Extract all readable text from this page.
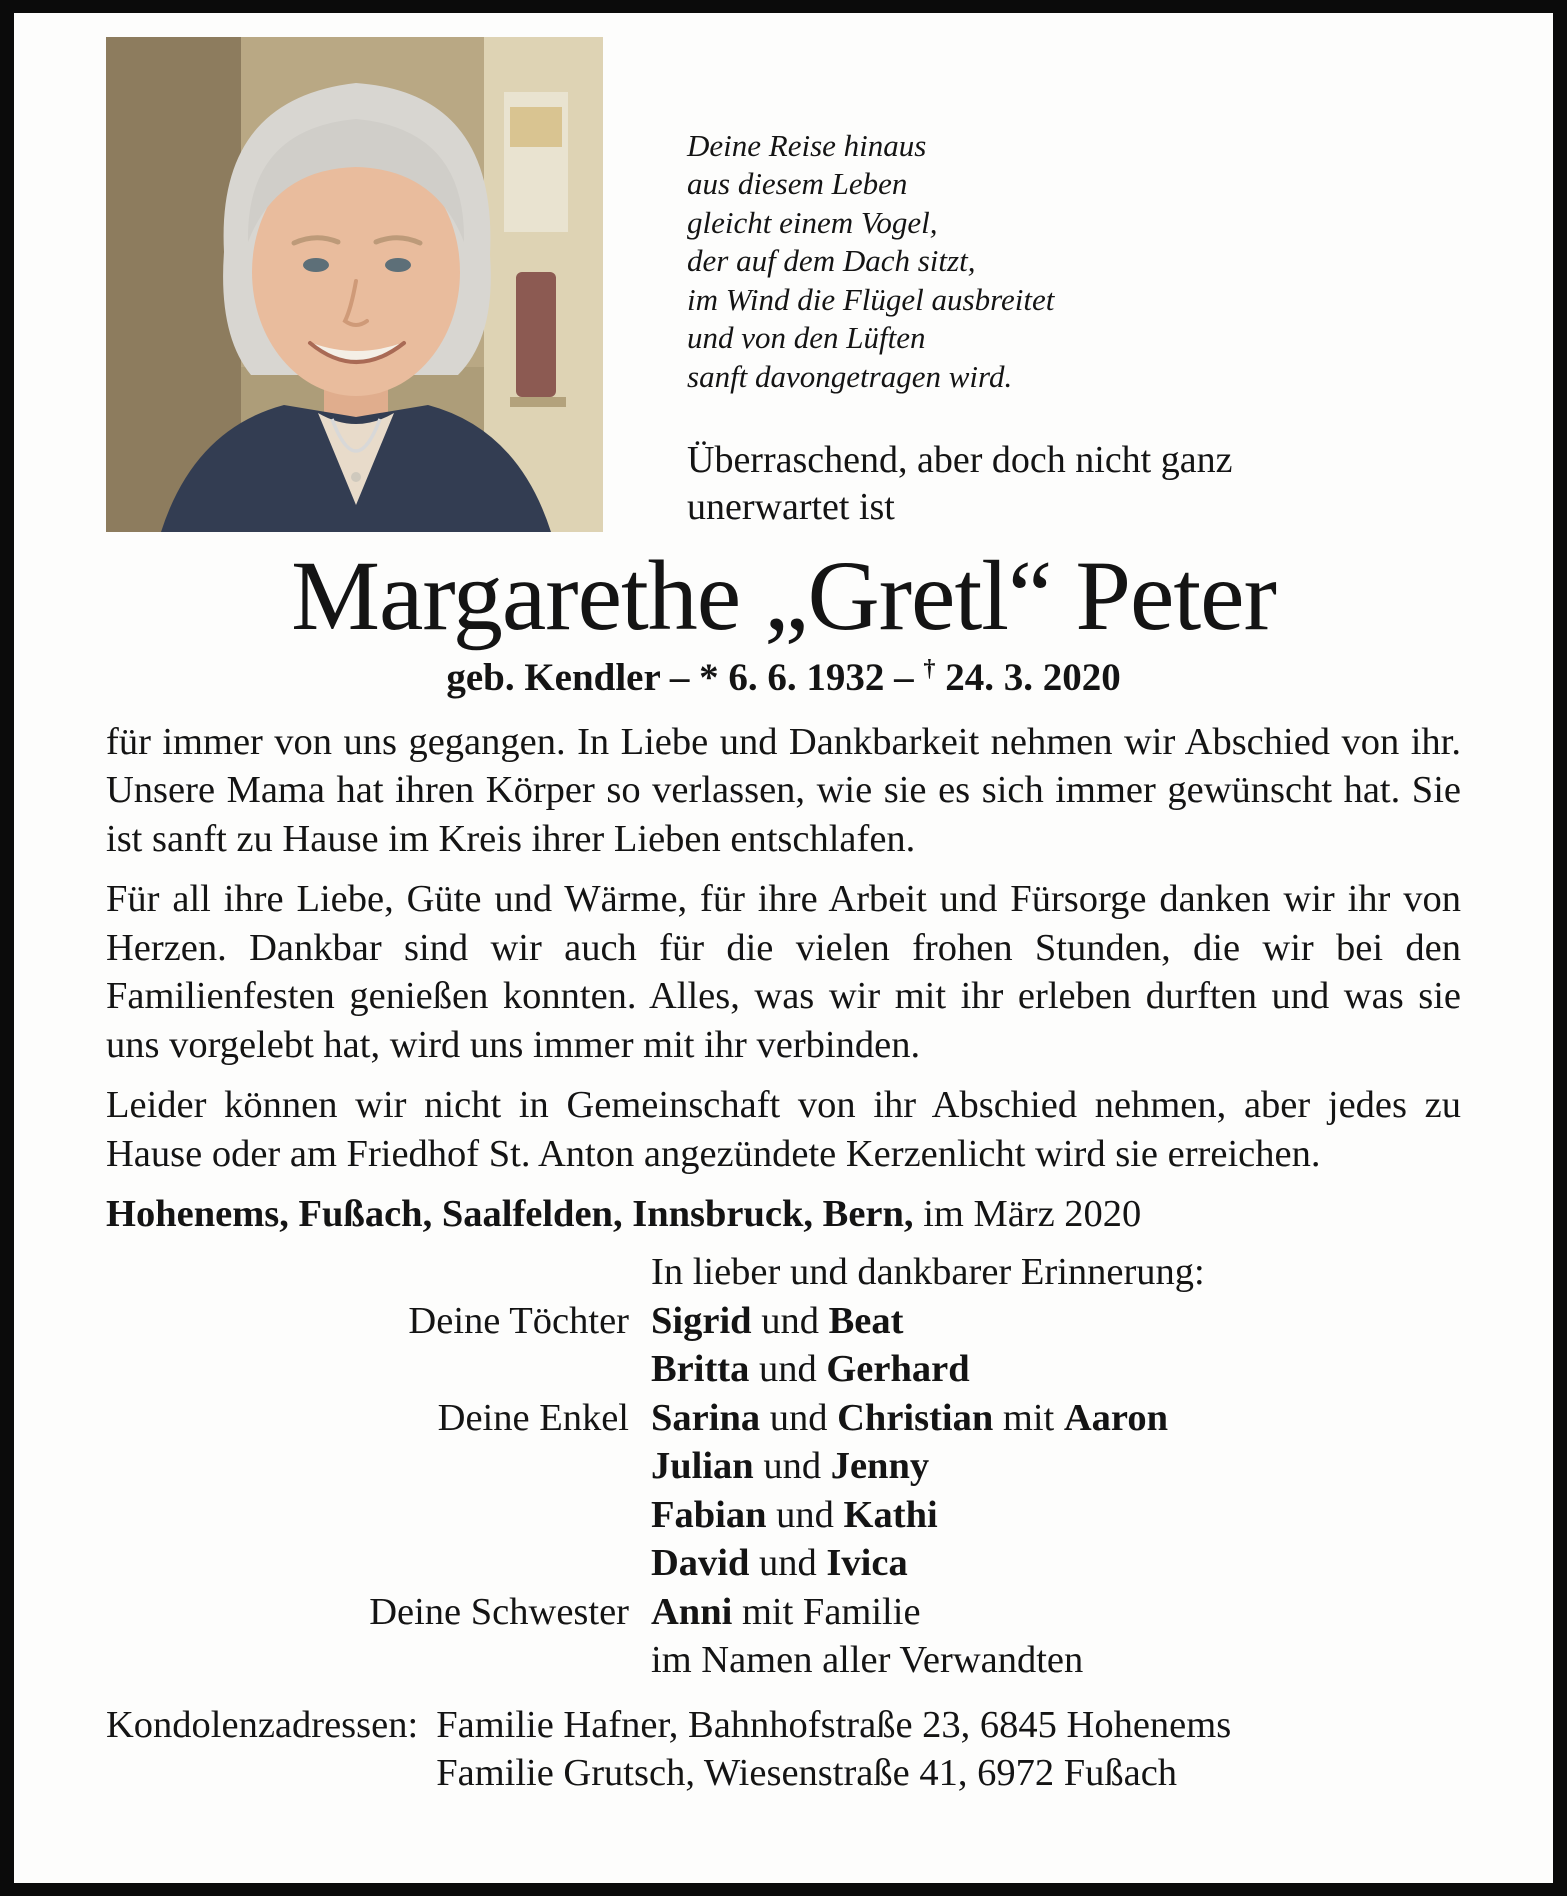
Deine Reise hinaus
aus diesem Leben
gleicht einem Vogel,
der auf dem Dach sitzt,
im Wind die Flügel ausbreitet
und von den Lüften
sanft davongetragen wird.
Überraschend, aber doch nicht ganz
unerwartet ist
Margarethe „Gretl“ Peter
geb. Kendler – * 6. 6. 1932 – † 24. 3. 2020

für immer von uns gegangen. In Liebe und Dankbarkeit nehmen wir Abschied von ihr. Unsere Mama hat ihren Körper so verlassen, wie sie es sich immer gewünscht hat. Sie ist sanft zu Hause im Kreis ihrer Lieben entschlafen.

Für all ihre Liebe, Güte und Wärme, für ihre Arbeit und Fürsorge danken wir ihr von Herzen. Dankbar sind wir auch für die vielen frohen Stunden, die wir bei den Familienfesten genießen konnten. Alles, was wir mit ihr erleben durften und was sie uns vorgelebt hat, wird uns immer mit ihr verbinden.

Leider können wir nicht in Gemeinschaft von ihr Abschied nehmen, aber jedes zu Hause oder am Friedhof St. Anton angezündete Kerzenlicht wird sie erreichen.

Hohenems, Fußach, Saalfelden, Innsbruck, Bern, im März 2020
In lieber und dankbarer Erinnerung:
Deine Töchter Sigrid und Beat
Britta und Gerhard
Deine Enkel Sarina und Christian mit Aaron
Julian und Jenny
Fabian und Kathi
David und Ivica
Deine Schwester Anni mit Familie
im Namen aller Verwandten
Kondolenzadressen: Familie Hafner, Bahnhofstraße 23, 6845 Hohenems
Familie Grutsch, Wiesenstraße 41, 6972 Fußach
